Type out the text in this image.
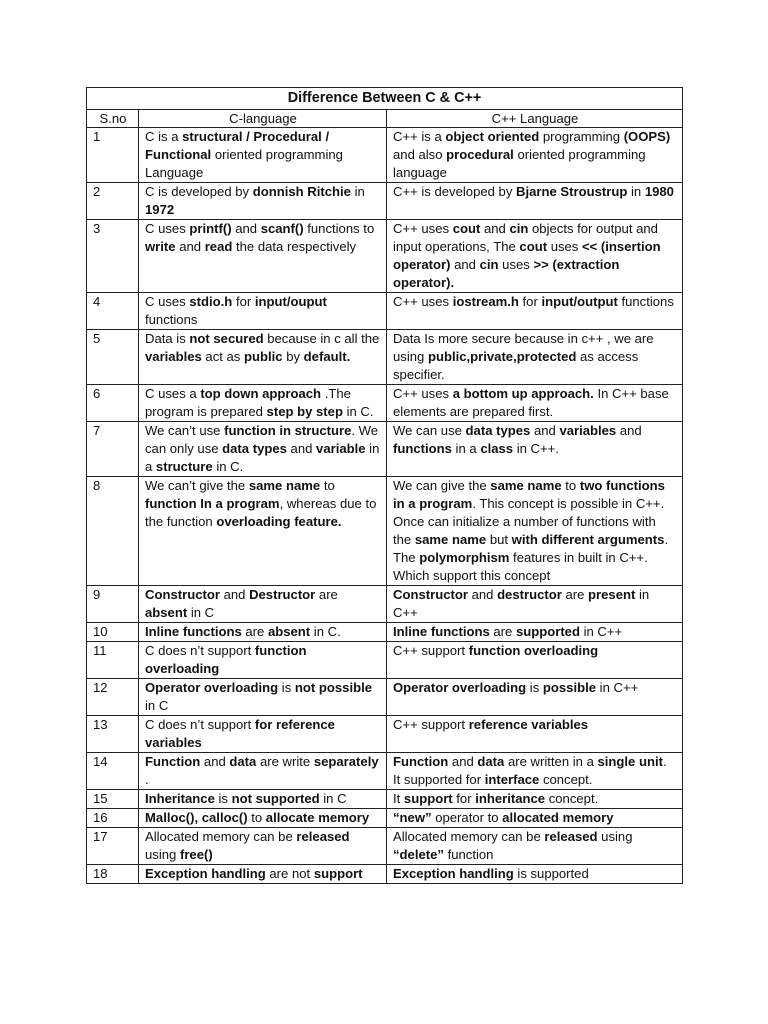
Difference Between C & C++		
S.no	C-language	C++ Language
1	C is a structural / Procedural / Functional oriented programming Language	C++ is a object oriented programming (OOPS) and also procedural oriented programming language
2	C is developed by donnish Ritchie in 1972	C++ is developed by Bjarne Stroustrup in 1980
3	C uses printf() and scanf() functions to write and read the data respectively	C++ uses cout and cin objects for output and input operations, The cout uses << (insertion operator) and cin uses >> (extraction operator).
4	C uses stdio.h for input/ouput functions	C++ uses iostream.h for input/output functions
5	Data is not secured because in c all the variables act as public by default.	Data Is more secure because in c++ , we are using public,private,protected as access specifier.
6	C uses a top down approach .The program is prepared step by step in C.	C++ uses a bottom up approach. In C++ base elements are prepared first.
7	We can’t use function in structure. We can only use data types and variable in a structure in C.	We can use data types and variables and functions in a class in C++.
8	We can’t give the same name to function In a program, whereas due to the function overloading feature.	We can give the same name to two functions in a program. This concept is possible in C++. Once can initialize a number of functions with the same name but with different arguments. The polymorphism features in built in C++. Which support this concept
9	Constructor and Destructor are absent in C	Constructor and destructor are present in C++
10	Inline functions are absent in C.	Inline functions are supported in C++
11	C does n’t support function overloading	C++ support function overloading
12	Operator overloading is not possible in C	Operator overloading is possible in C++
13	C does n’t support for reference variables	C++ support reference variables
14	Function and data are write separately .	Function and data are written in a single unit. It supported for interface concept.
15	Inheritance is not supported in C	It support for inheritance concept.
16	Malloc(), calloc() to allocate memory	“new” operator to allocated memory
17	Allocated memory can be released using free()	Allocated memory can be released using “delete” function
18	Exception handling are not support	Exception handling is supported
